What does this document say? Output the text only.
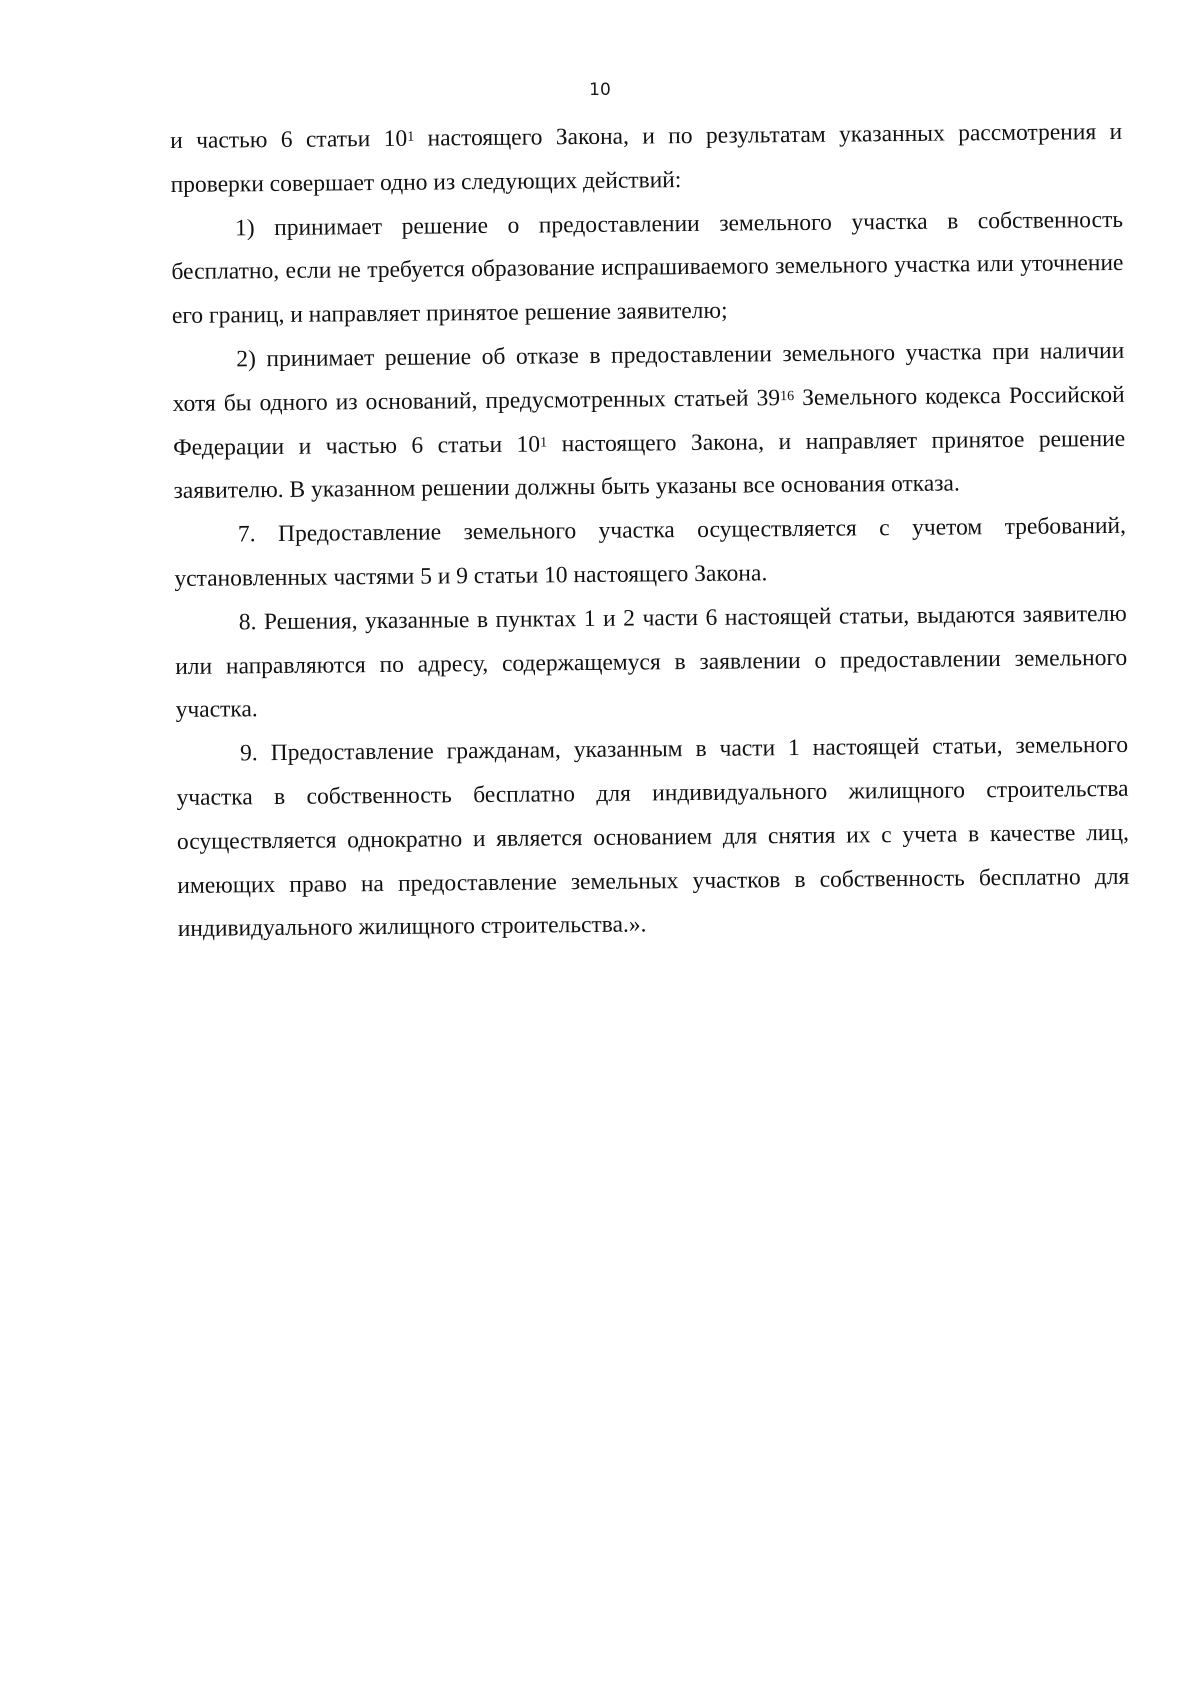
10

и частью 6 статьи $10^1$ настоящего Закона, и по результатам указанных рассмотрения и проверки совершает одно из следующих действий:

1) принимает решение о предоставлении земельного участка в собственность бесплатно, если не требуется образование испрашиваемого земельного участка или уточнение его границ, и направляет принятое решение заявителю;

2) принимает решение об отказе в предоставлении земельного участка при наличии хотя бы одного из оснований, предусмотренных статьей $39^{16}$ Земельного кодекса Российской Федерации и частью 6 статьи $10^1$ настоящего Закона, и направляет принятое решение заявителю. В указанном решении должны быть указаны все основания отказа.

7. Предоставление земельного участка осуществляется с учетом требований, установленных частями 5 и 9 статьи 10 настоящего Закона.

8. Решения, указанные в пунктах 1 и 2 части 6 настоящей статьи, выдаются заявителю или направляются по адресу, содержащемуся в заявлении о предоставлении земельного участка.

9. Предоставление гражданам, указанным в части 1 настоящей статьи, земельного участка в собственность бесплатно для индивидуального жилищного строительства осуществляется однократно и является основанием для снятия их с учета в качестве лиц, имеющих право на предоставление земельных участков в собственность бесплатно для индивидуального жилищного строительства.».
